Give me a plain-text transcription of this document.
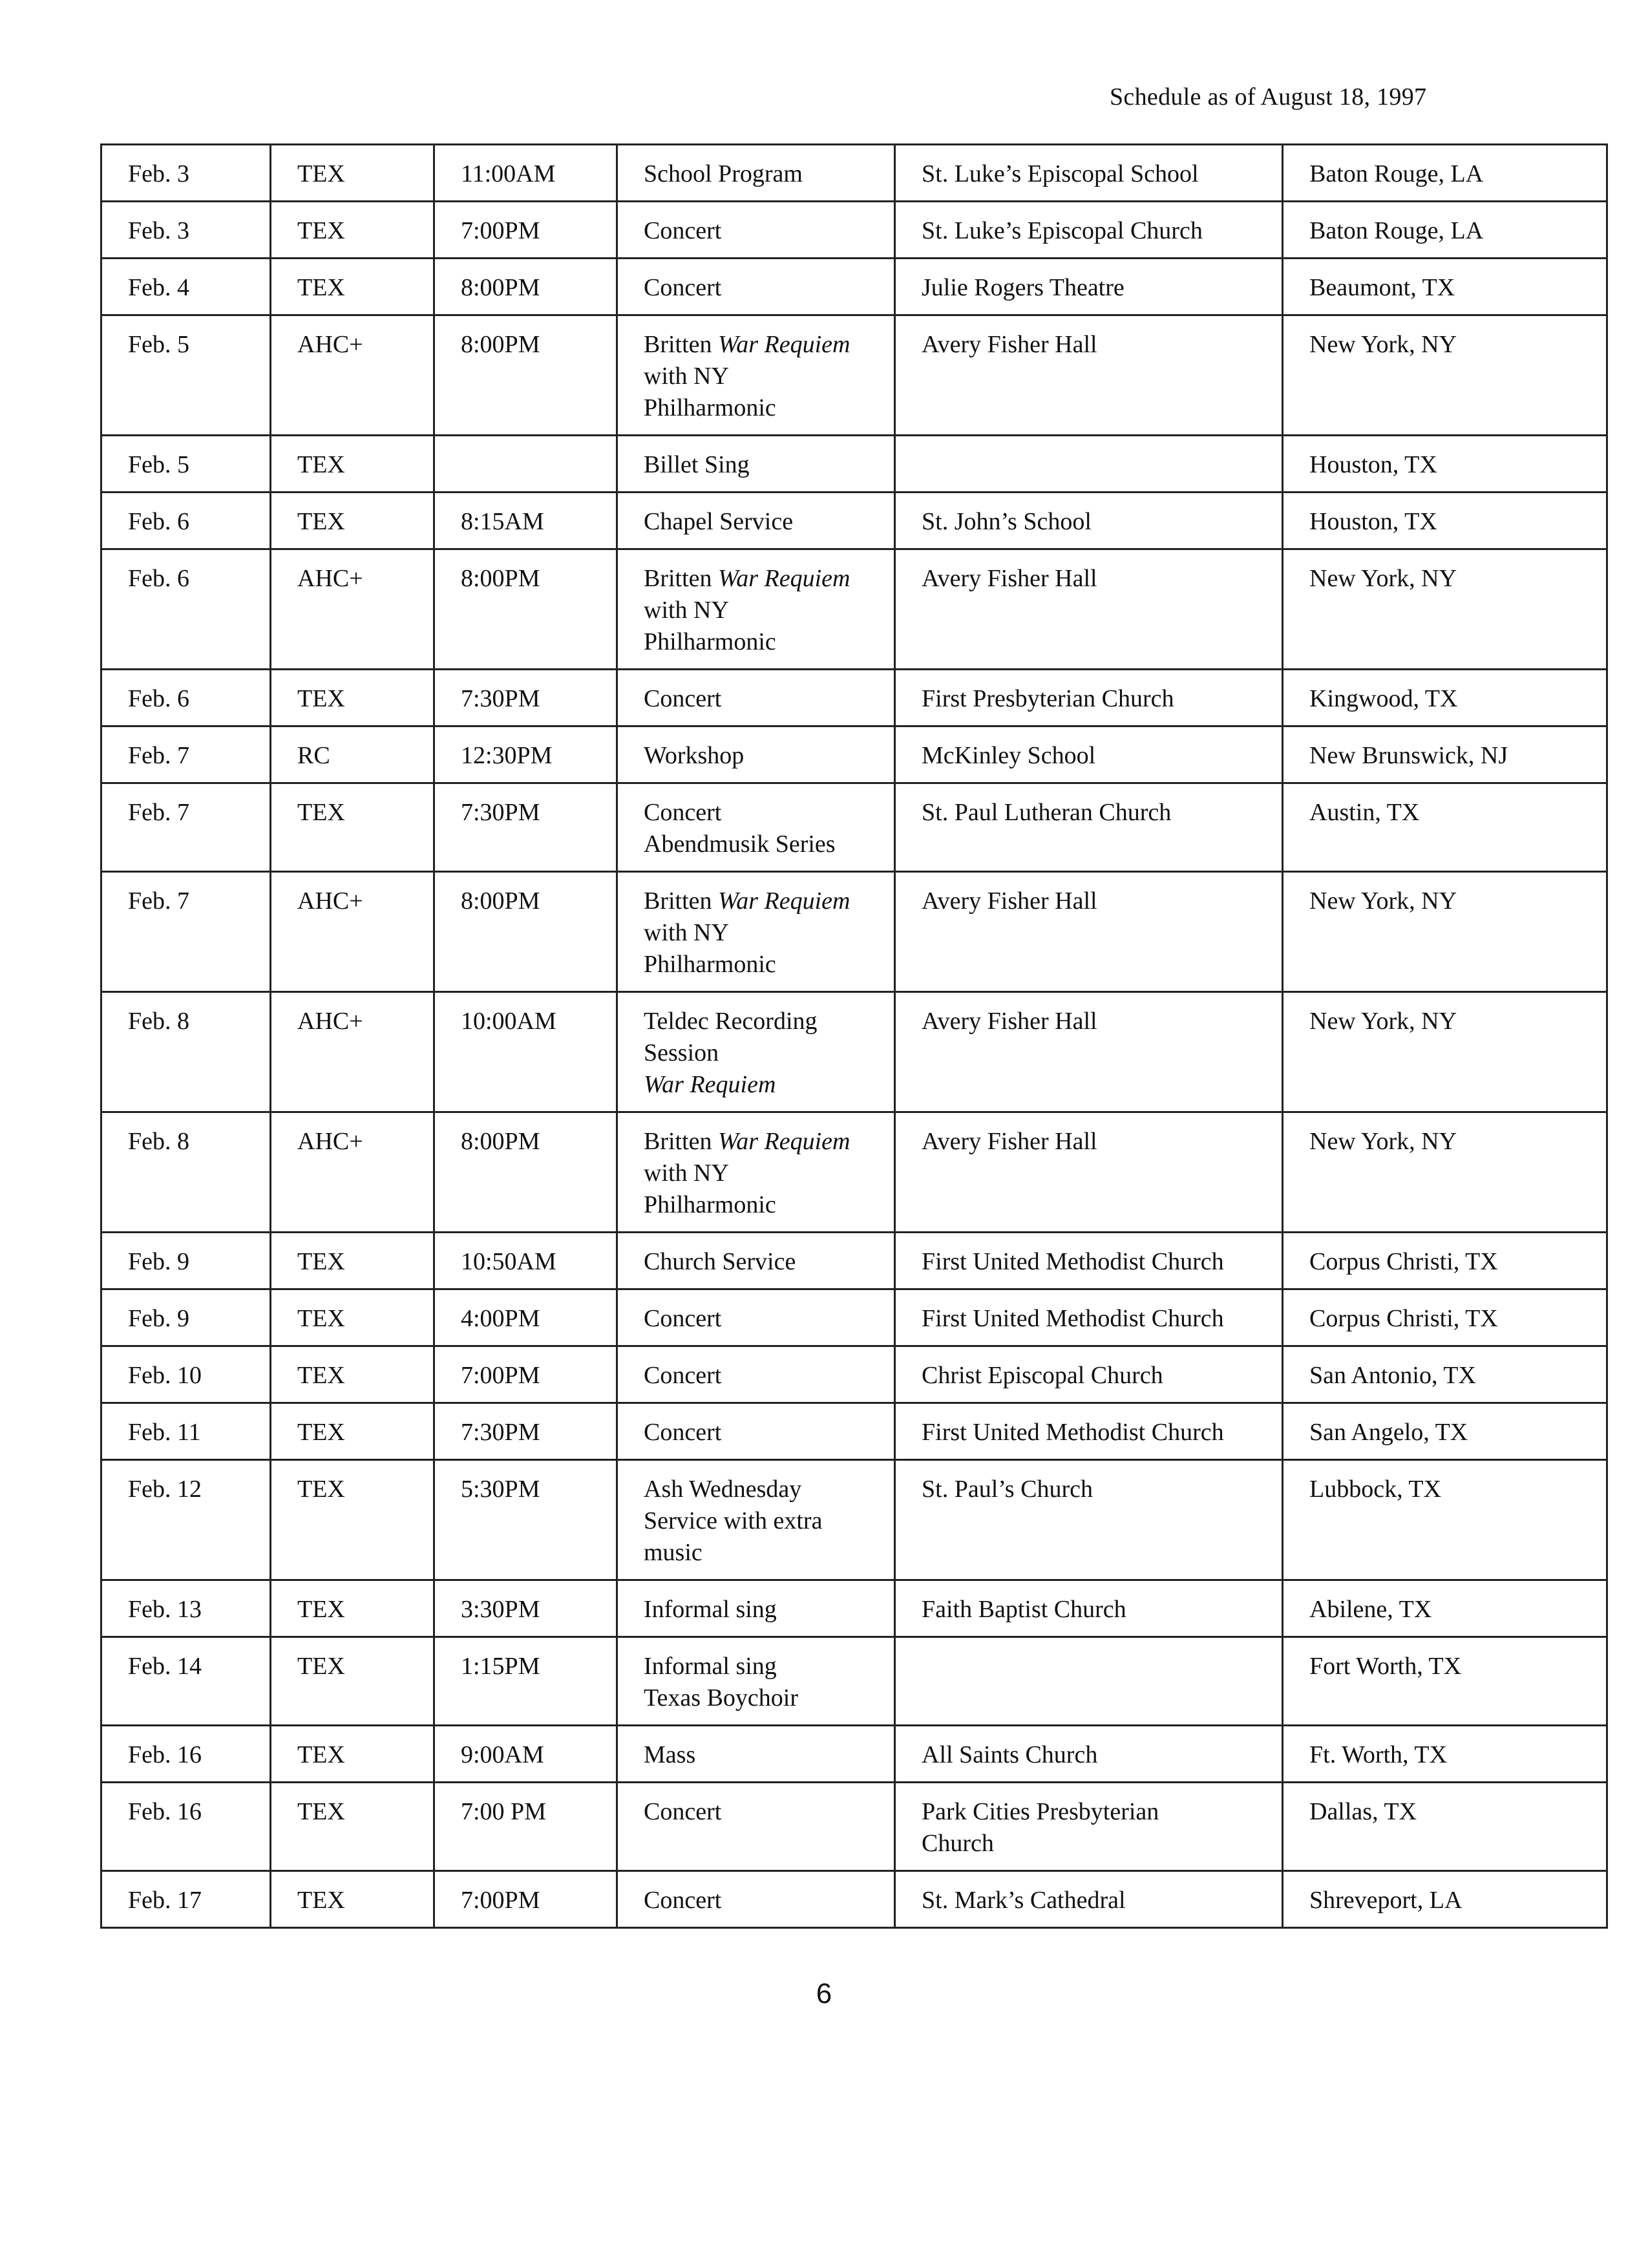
Schedule as of August 18, 1997
Feb. 3	TEX	11:00AM	School Program	St. Luke’s Episcopal School	Baton Rouge, LA
Feb. 3	TEX	7:00PM	Concert	St. Luke’s Episcopal Church	Baton Rouge, LA
Feb. 4	TEX	8:00PM	Concert	Julie Rogers Theatre	Beaumont, TX
Feb. 5	AHC+	8:00PM	Britten War Requiem
with NY
Philharmonic	Avery Fisher Hall	New York, NY
Feb. 5	TEX		Billet Sing		Houston, TX
Feb. 6	TEX	8:15AM	Chapel Service	St. John’s School	Houston, TX
Feb. 6	AHC+	8:00PM	Britten War Requiem
with NY
Philharmonic	Avery Fisher Hall	New York, NY
Feb. 6	TEX	7:30PM	Concert	First Presbyterian Church	Kingwood, TX
Feb. 7	RC	12:30PM	Workshop	McKinley School	New Brunswick, NJ
Feb. 7	TEX	7:30PM	Concert
Abendmusik Series	St. Paul Lutheran Church	Austin, TX
Feb. 7	AHC+	8:00PM	Britten War Requiem
with NY
Philharmonic	Avery Fisher Hall	New York, NY
Feb. 8	AHC+	10:00AM	Teldec Recording
Session
War Requiem	Avery Fisher Hall	New York, NY
Feb. 8	AHC+	8:00PM	Britten War Requiem
with NY
Philharmonic	Avery Fisher Hall	New York, NY
Feb. 9	TEX	10:50AM	Church Service	First United Methodist Church	Corpus Christi, TX
Feb. 9	TEX	4:00PM	Concert	First United Methodist Church	Corpus Christi, TX
Feb. 10	TEX	7:00PM	Concert	Christ Episcopal Church	San Antonio, TX
Feb. 11	TEX	7:30PM	Concert	First United Methodist Church	San Angelo, TX
Feb. 12	TEX	5:30PM	Ash Wednesday
Service with extra
music	St. Paul’s Church	Lubbock, TX
Feb. 13	TEX	3:30PM	Informal sing	Faith Baptist Church	Abilene, TX
Feb. 14	TEX	1:15PM	Informal sing
Texas Boychoir		Fort Worth, TX
Feb. 16	TEX	9:00AM	Mass	All Saints Church	Ft. Worth, TX
Feb. 16	TEX	7:00 PM	Concert	Park Cities Presbyterian
Church	Dallas, TX
Feb. 17	TEX	7:00PM	Concert	St. Mark’s Cathedral	Shreveport, LA
6
